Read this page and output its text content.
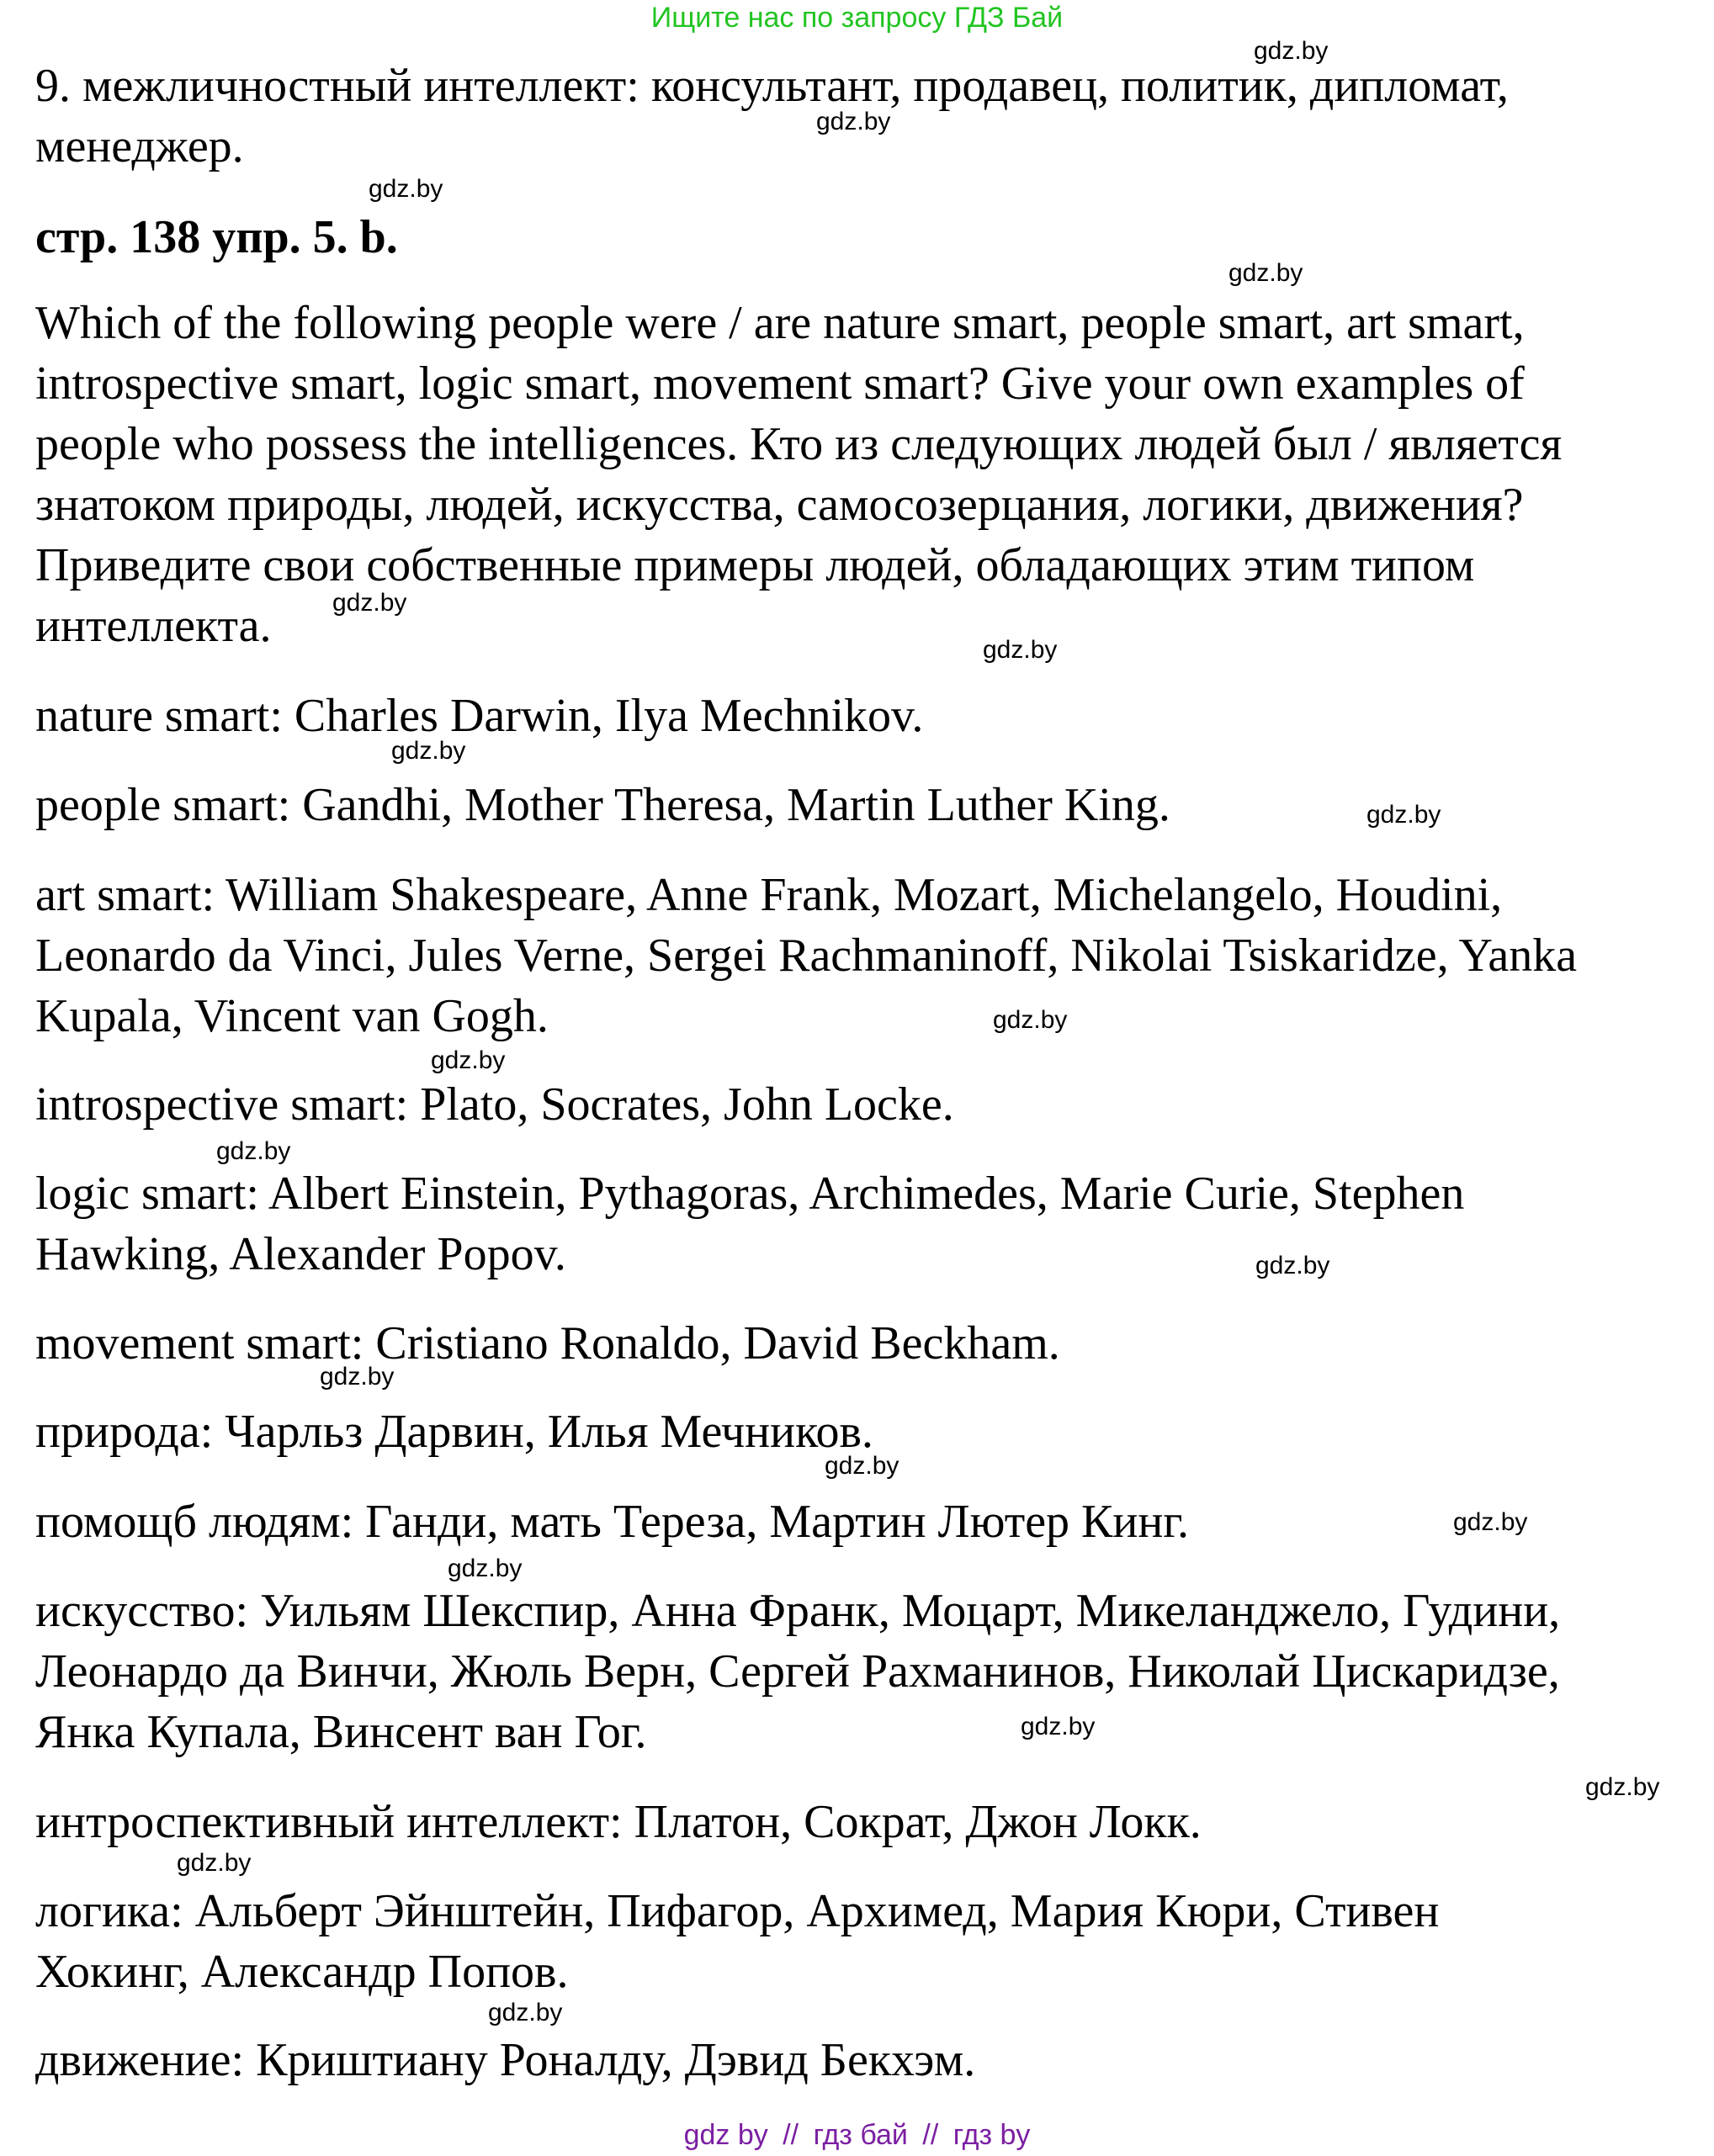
Ищите нас по запросу ГДЗ Бай
9. межличностный интеллект: консультант, продавец, политик, дипломат,
менеджер.
стр. 138 упр. 5. b.
Which of the following people were / are nature smart, people smart, art smart,
introspective smart, logic smart, movement smart? Give your own examples of
people who possess the intelligences. Кто из следующих людей был / является
знатоком природы, людей, искусства, самосозерцания, логики, движения?
Приведите свои собственные примеры людей, обладающих этим типом
интеллекта.
nature smart: Charles Darwin, Ilya Mechnikov.
people smart: Gandhi, Mother Theresa, Martin Luther King.
art smart: William Shakespeare, Anne Frank, Mozart, Michelangelo, Houdini,
Leonardo da Vinci, Jules Verne, Sergei Rachmaninoff, Nikolai Tsiskaridze, Yanka
Kupala, Vincent van Gogh.
introspective smart: Plato, Socrates, John Locke.
logic smart: Albert Einstein, Pythagoras, Archimedes, Marie Curie, Stephen
Hawking, Alexander Popov.
movement smart: Cristiano Ronaldo, David Beckham.
природа: Чарльз Дарвин, Илья Мечников.
помощб людям: Ганди, мать Тереза, Мартин Лютер Кинг.
искусство: Уильям Шекспир, Анна Франк, Моцарт, Микеланджело, Гудини,
Леонардо да Винчи, Жюль Верн, Сергей Рахманинов, Николай Цискаридзе,
Янка Купала, Винсент ван Гог.
интроспективный интеллект: Платон, Сократ, Джон Локк.
логика: Альберт Эйнштейн, Пифагор, Архимед, Мария Кюри, Стивен
Хокинг, Александр Попов.
движение: Криштиану Роналду, Дэвид Бекхэм.
gdz.by
gdz.by
gdz.by
gdz.by
gdz.by
gdz.by
gdz.by
gdz.by
gdz.by
gdz.by
gdz.by
gdz.by
gdz.by
gdz.by
gdz.by
gdz.by
gdz.by
gdz.by
gdz.by
gdz.by
gdz by // гдз бай // гдз by
